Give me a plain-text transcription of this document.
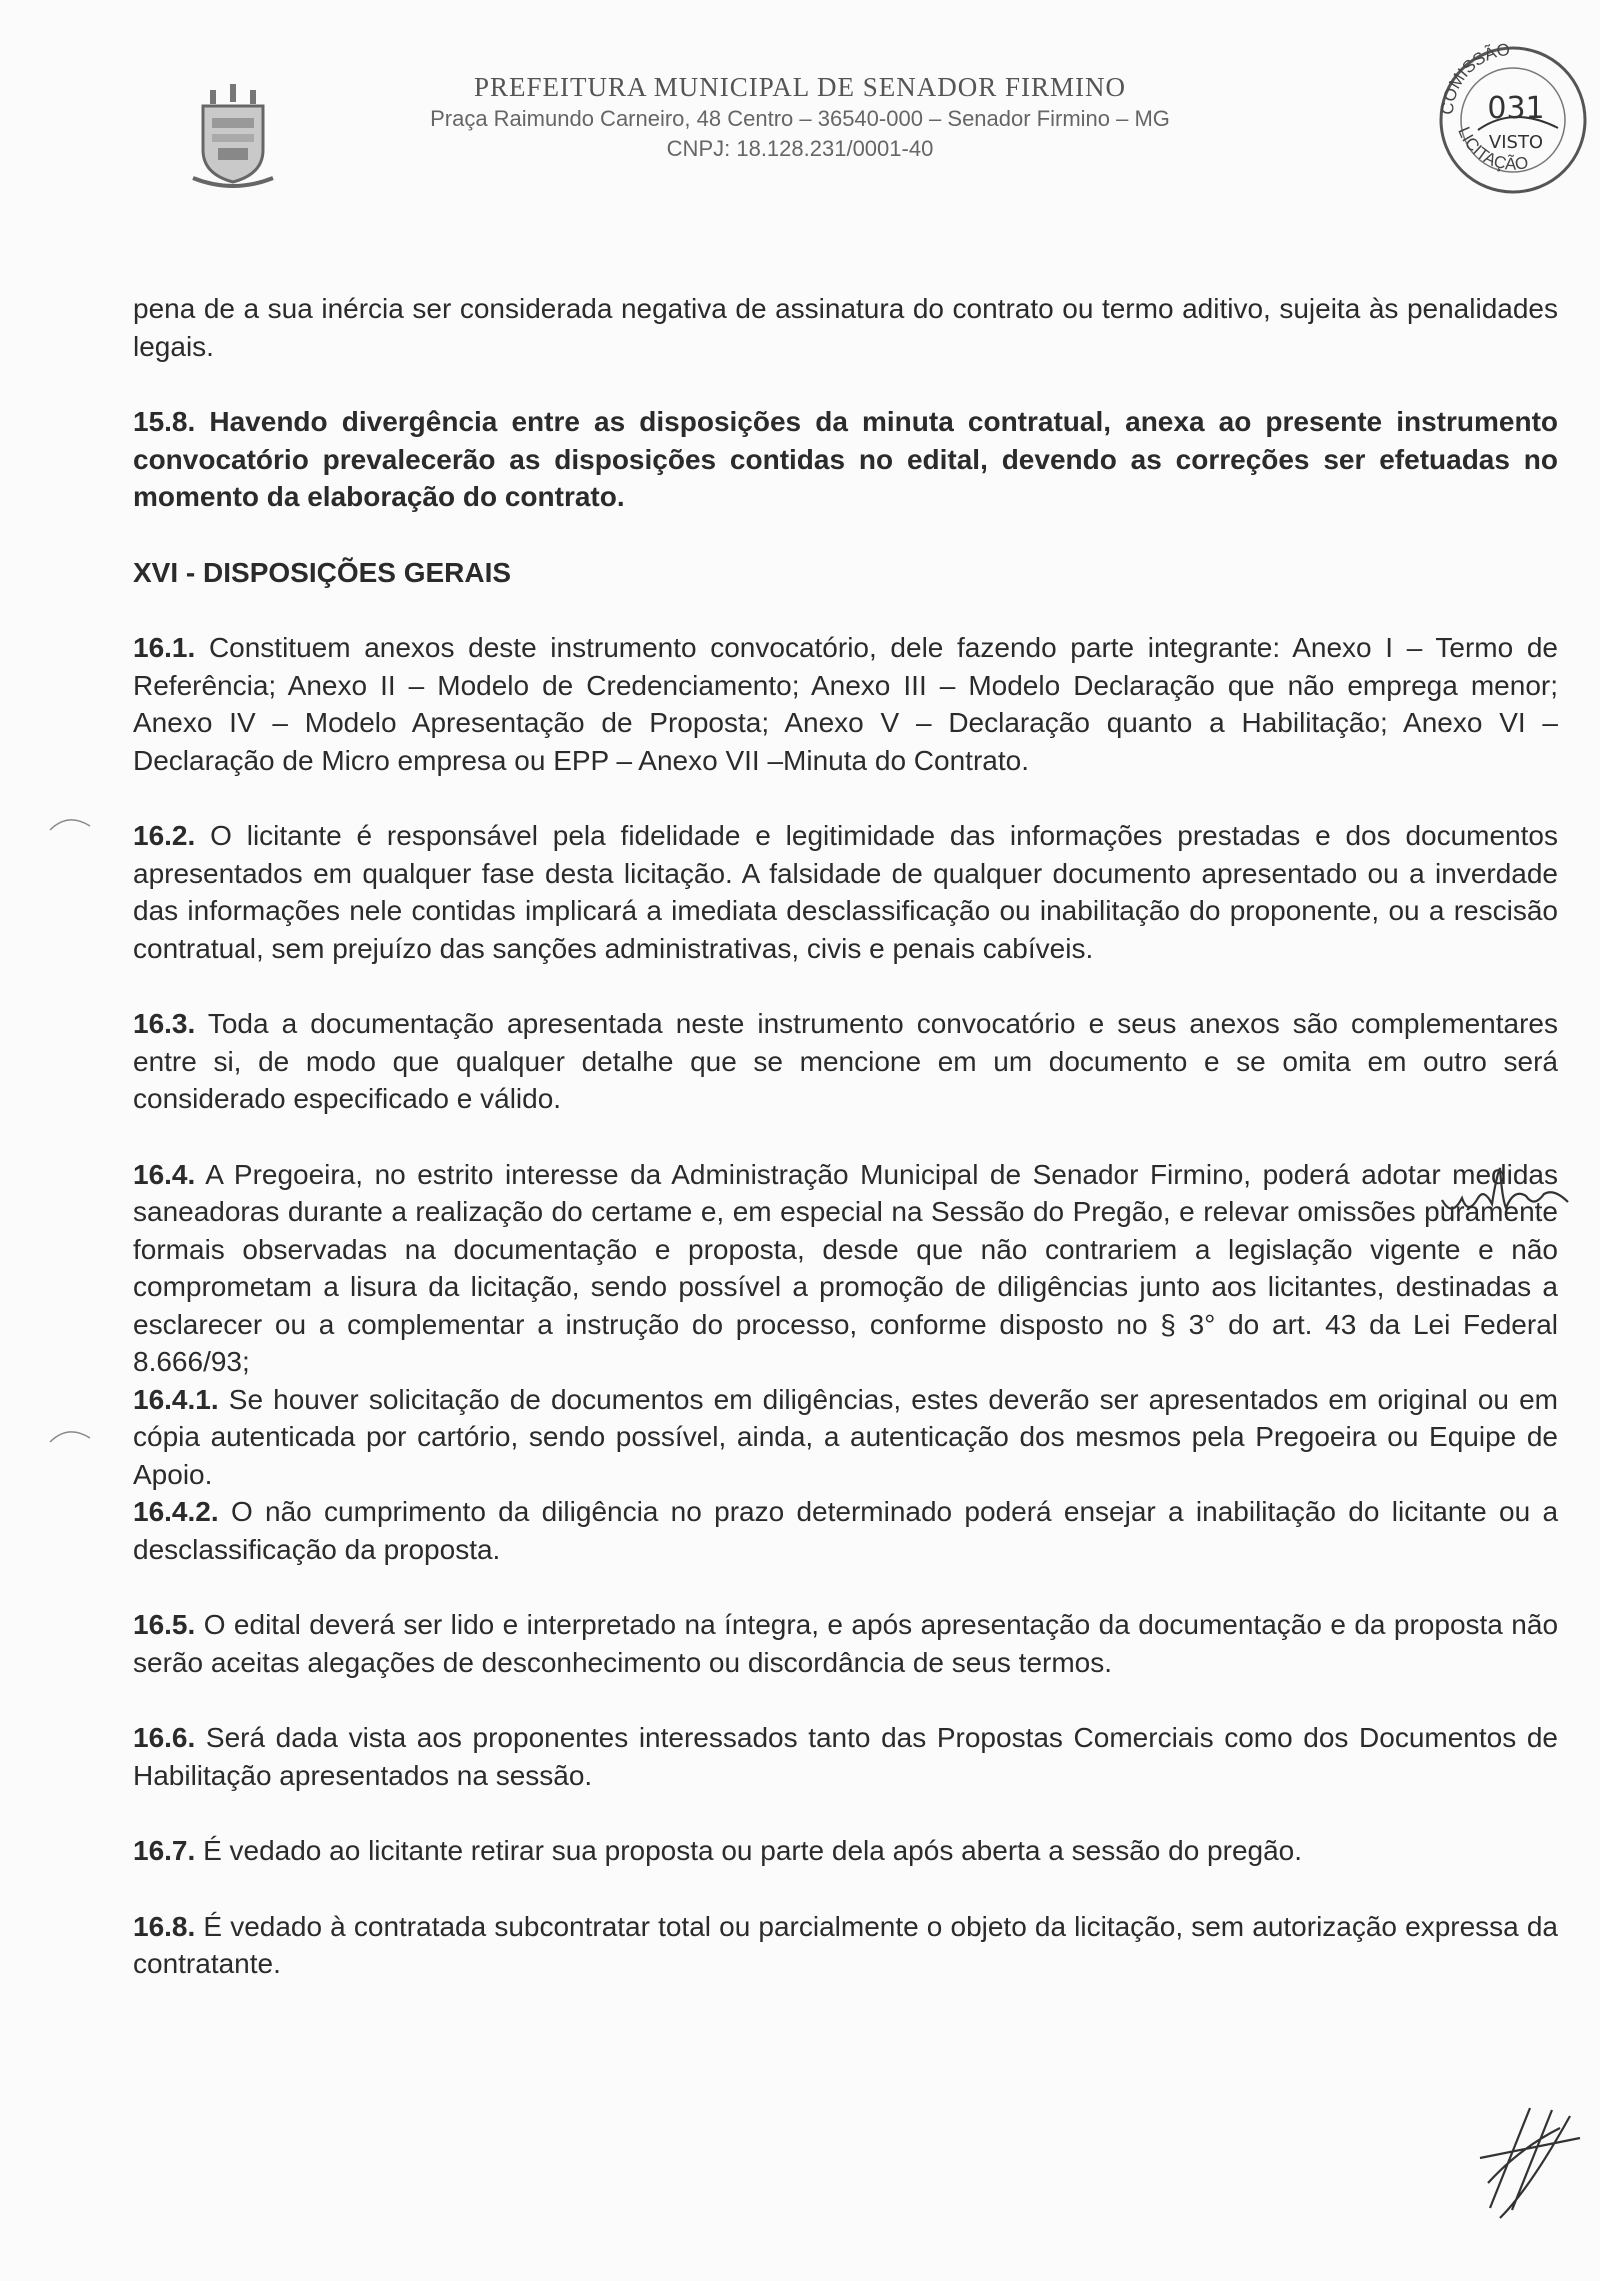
PREFEITURA MUNICIPAL DE SENADOR FIRMINO

Praça Raimundo Carneiro, 48 Centro – 36540-000 – Senador Firmino – MG

CNPJ: 18.128.231/0001-40

COMISSÃO
LICITAÇÃO
031
VISTO

pena de a sua inércia ser considerada negativa de assinatura do contrato ou termo aditivo, sujeita às penalidades legais.

15.8. Havendo divergência entre as disposições da minuta contratual, anexa ao presente instrumento convocatório prevalecerão as disposições contidas no edital, devendo as correções ser efetuadas no momento da elaboração do contrato.

XVI - DISPOSIÇÕES GERAIS

16.1. Constituem anexos deste instrumento convocatório, dele fazendo parte integrante: Anexo I – Termo de Referência; Anexo II – Modelo de Credenciamento; Anexo III – Modelo Declaração que não emprega menor; Anexo IV – Modelo Apresentação de Proposta; Anexo V – Declaração quanto a Habilitação; Anexo VI – Declaração de Micro empresa ou EPP – Anexo VII –Minuta do Contrato.

16.2. O licitante é responsável pela fidelidade e legitimidade das informações prestadas e dos documentos apresentados em qualquer fase desta licitação. A falsidade de qualquer documento apresentado ou a inverdade das informações nele contidas implicará a imediata desclassificação ou inabilitação do proponente, ou a rescisão contratual, sem prejuízo das sanções administrativas, civis e penais cabíveis.

16.3. Toda a documentação apresentada neste instrumento convocatório e seus anexos são complementares entre si, de modo que qualquer detalhe que se mencione em um documento e se omita em outro será considerado especificado e válido.

16.4. A Pregoeira, no estrito interesse da Administração Municipal de Senador Firmino, poderá adotar medidas saneadoras durante a realização do certame e, em especial na Sessão do Pregão, e relevar omissões puramente formais observadas na documentação e proposta, desde que não contrariem a legislação vigente e não comprometam a lisura da licitação, sendo possível a promoção de diligências junto aos licitantes, destinadas a esclarecer ou a complementar a instrução do processo, conforme disposto no § 3° do art. 43 da Lei Federal 8.666/93;

16.4.1. Se houver solicitação de documentos em diligências, estes deverão ser apresentados em original ou em cópia autenticada por cartório, sendo possível, ainda, a autenticação dos mesmos pela Pregoeira ou Equipe de Apoio.

16.4.2. O não cumprimento da diligência no prazo determinado poderá ensejar a inabilitação do licitante ou a desclassificação da proposta.

16.5. O edital deverá ser lido e interpretado na íntegra, e após apresentação da documentação e da proposta não serão aceitas alegações de desconhecimento ou discordância de seus termos.

16.6. Será dada vista aos proponentes interessados tanto das Propostas Comerciais como dos Documentos de Habilitação apresentados na sessão.

16.7. É vedado ao licitante retirar sua proposta ou parte dela após aberta a sessão do pregão.

16.8. É vedado à contratada subcontratar total ou parcialmente o objeto da licitação, sem autorização expressa da contratante.
